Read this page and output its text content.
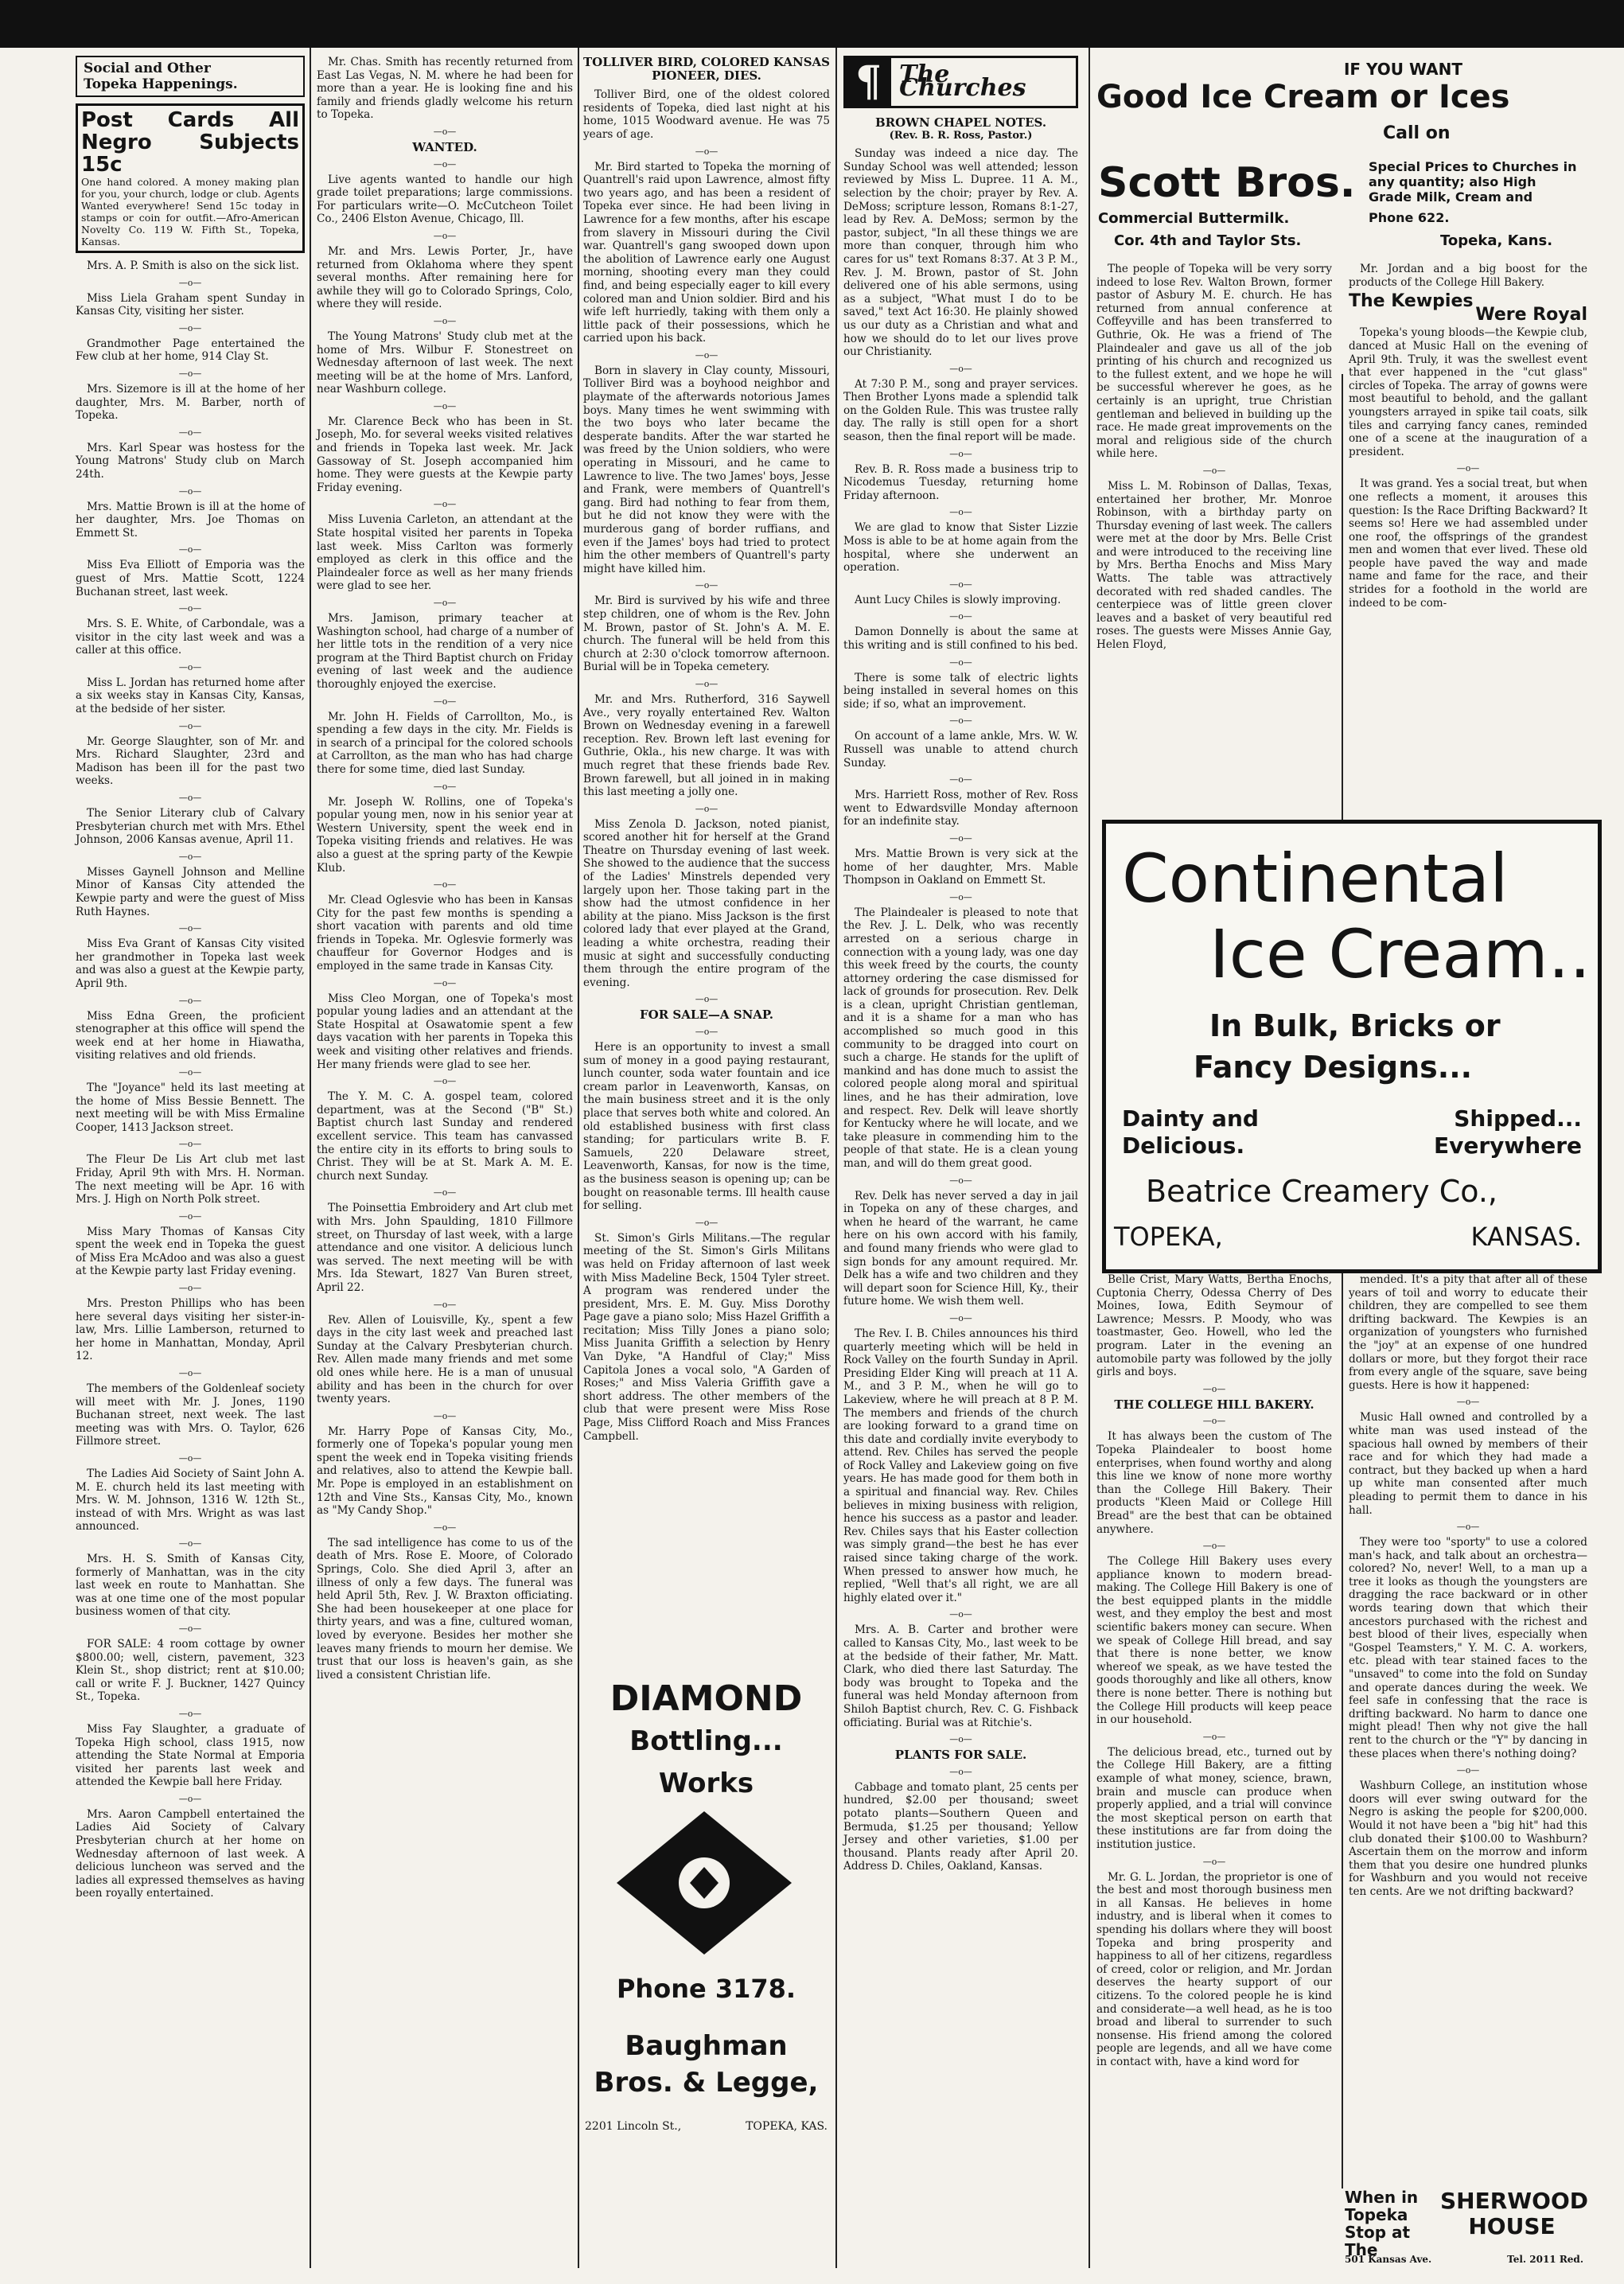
Social and Other
Topeka Happenings.
Post Cards All Negro Subjects 15c
One hand colored. A money making plan for you, your church, lodge or club. Agents Wanted everywhere! Send 15c today in stamps or coin for outfit.—Afro-American Novelty Co. 119 W. Fifth St., Topeka, Kansas.

Mrs. A. P. Smith is also on the sick list.

—o—

Miss Liela Graham spent Sunday in Kansas City, visiting her sister.

—o—

Grandmother Page entertained the Few club at her home, 914 Clay St.

—o—

Mrs. Sizemore is ill at the home of her daughter, Mrs. M. Barber, north of Topeka.

—o—

Mrs. Karl Spear was hostess for the Young Matrons' Study club on March 24th.

—o—

Mrs. Mattie Brown is ill at the home of her daughter, Mrs. Joe Thomas on Emmett St.

—o—

Miss Eva Elliott of Emporia was the guest of Mrs. Mattie Scott, 1224 Buchanan street, last week.

—o—

Mrs. S. E. White, of Carbondale, was a visitor in the city last week and was a caller at this office.

—o—

Miss L. Jordan has returned home after a six weeks stay in Kansas City, Kansas, at the bedside of her sister.

—o—

Mr. George Slaughter, son of Mr. and Mrs. Richard Slaughter, 23rd and Madison has been ill for the past two weeks.

—o—

The Senior Literary club of Calvary Presbyterian church met with Mrs. Ethel Johnson, 2006 Kansas avenue, April 11.

—o—

Misses Gaynell Johnson and Melline Minor of Kansas City attended the Kewpie party and were the guest of Miss Ruth Haynes.

—o—

Miss Eva Grant of Kansas City visited her grandmother in Topeka last week and was also a guest at the Kewpie party, April 9th.

—o—

Miss Edna Green, the proficient stenographer at this office will spend the week end at her home in Hiawatha, visiting relatives and old friends.

—o—

The "Joyance" held its last meeting at the home of Miss Bessie Bennett. The next meeting will be with Miss Ermaline Cooper, 1413 Jackson street.

—o—

The Fleur De Lis Art club met last Friday, April 9th with Mrs. H. Norman. The next meeting will be Apr. 16 with Mrs. J. High on North Polk street.

—o—

Miss Mary Thomas of Kansas City spent the week end in Topeka the guest of Miss Era McAdoo and was also a guest at the Kewpie party last Friday evening.

—o—

Mrs. Preston Phillips who has been here several days visiting her sister-in-law, Mrs. Lillie Lamberson, returned to her home in Manhattan, Monday, April 12.

—o—

The members of the Goldenleaf society will meet with Mr. J. Jones, 1190 Buchanan street, next week. The last meeting was with Mrs. O. Taylor, 626 Fillmore street.

—o—

The Ladies Aid Society of Saint John A. M. E. church held its last meeting with Mrs. W. M. Johnson, 1316 W. 12th St., instead of with Mrs. Wright as was last announced.

—o—

Mrs. H. S. Smith of Kansas City, formerly of Manhattan, was in the city last week en route to Manhattan. She was at one time one of the most popular business women of that city.

—o—

FOR SALE: 4 room cottage by owner $800.00; well, cistern, pavement, 323 Klein St., shop district; rent at $10.00; call or write F. J. Buckner, 1427 Quincy St., Topeka.

—o—

Miss Fay Slaughter, a graduate of Topeka High school, class 1915, now attending the State Normal at Emporia visited her parents last week and attended the Kewpie ball here Friday.

—o—

Mrs. Aaron Campbell entertained the Ladies Aid Society of Calvary Presbyterian church at her home on Wednesday afternoon of last week. A delicious luncheon was served and the ladies all expressed themselves as having been royally entertained.

Mr. Chas. Smith has recently returned from East Las Vegas, N. M. where he had been for more than a year. He is looking fine and his family and friends gladly welcome his return to Topeka.

—o—

WANTED.

—o—

Live agents wanted to handle our high grade toilet preparations; large commissions. For particulars write—O. McCutcheon Toilet Co., 2406 Elston Avenue, Chicago, Ill.

—o—

Mr. and Mrs. Lewis Porter, Jr., have returned from Oklahoma where they spent several months. After remaining here for awhile they will go to Colorado Springs, Colo, where they will reside.

—o—

The Young Matrons' Study club met at the home of Mrs. Wilbur F. Stonestreet on Wednesday afternoon of last week. The next meeting will be at the home of Mrs. Lanford, near Washburn college.

—o—

Mr. Clarence Beck who has been in St. Joseph, Mo. for several weeks visited relatives and friends in Topeka last week. Mr. Jack Gassoway of St. Joseph accompanied him home. They were guests at the Kewpie party Friday evening.

—o—

Miss Luvenia Carleton, an attendant at the State hospital visited her parents in Topeka last week. Miss Carlton was formerly employed as clerk in this office and the Plaindealer force as well as her many friends were glad to see her.

—o—

Mrs. Jamison, primary teacher at Washington school, had charge of a number of her little tots in the rendition of a very nice program at the Third Baptist church on Friday evening of last week and the audience thoroughly enjoyed the exercise.

—o—

Mr. John H. Fields of Carrollton, Mo., is spending a few days in the city. Mr. Fields is in search of a principal for the colored schools at Carrollton, as the man who has had charge there for some time, died last Sunday.

—o—

Mr. Joseph W. Rollins, one of Topeka's popular young men, now in his senior year at Western University, spent the week end in Topeka visiting friends and relatives. He was also a guest at the spring party of the Kewpie Klub.

—o—

Mr. Clead Oglesvie who has been in Kansas City for the past few months is spending a short vacation with parents and old time friends in Topeka. Mr. Oglesvie formerly was chauffeur for Governor Hodges and is employed in the same trade in Kansas City.

—o—

Miss Cleo Morgan, one of Topeka's most popular young ladies and an attendant at the State Hospital at Osawatomie spent a few days vacation with her parents in Topeka this week and visiting other relatives and friends. Her many friends were glad to see her.

—o—

The Y. M. C. A. gospel team, colored department, was at the Second ("B" St.) Baptist church last Sunday and rendered excellent service. This team has canvassed the entire city in its efforts to bring souls to Christ. They will be at St. Mark A. M. E. church next Sunday.

—o—

The Poinsettia Embroidery and Art club met with Mrs. John Spaulding, 1810 Fillmore street, on Thursday of last week, with a large attendance and one visitor. A delicious lunch was served. The next meeting will be with Mrs. Ida Stewart, 1827 Van Buren street, April 22.

—o—

Rev. Allen of Louisville, Ky., spent a few days in the city last week and preached last Sunday at the Calvary Presbyterian church. Rev. Allen made many friends and met some old ones while here. He is a man of unusual ability and has been in the church for over twenty years.

—o—

Mr. Harry Pope of Kansas City, Mo., formerly one of Topeka's popular young men spent the week end in Topeka visiting friends and relatives, also to attend the Kewpie ball. Mr. Pope is employed in an establishment on 12th and Vine Sts., Kansas City, Mo., known as "My Candy Shop."

—o—

The sad intelligence has come to us of the death of Mrs. Rose E. Moore, of Colorado Springs, Colo. She died April 3, after an illness of only a few days. The funeral was held April 5th, Rev. J. W. Braxton officiating. She had been housekeeper at one place for thirty years, and was a fine, cultured woman, loved by everyone. Besides her mother she leaves many friends to mourn her demise. We trust that our loss is heaven's gain, as she lived a consistent Christian life.

TOLLIVER BIRD, COLORED KANSAS PIONEER, DIES.

Tolliver Bird, one of the oldest colored residents of Topeka, died last night at his home, 1015 Woodward avenue. He was 75 years of age.

—o—

Mr. Bird started to Topeka the morning of Quantrell's raid upon Lawrence, almost fifty two years ago, and has been a resident of Topeka ever since. He had been living in Lawrence for a few months, after his escape from slavery in Missouri during the Civil war. Quantrell's gang swooped down upon the abolition of Lawrence early one August morning, shooting every man they could find, and being especially eager to kill every colored man and Union soldier. Bird and his wife left hurriedly, taking with them only a little pack of their possessions, which he carried upon his back.

—o—

Born in slavery in Clay county, Missouri, Tolliver Bird was a boyhood neighbor and playmate of the afterwards notorious James boys. Many times he went swimming with the two boys who later became the desperate bandits. After the war started he was freed by the Union soldiers, who were operating in Missouri, and he came to Lawrence to live. The two James' boys, Jesse and Frank, were members of Quantrell's gang. Bird had nothing to fear from them, but he did not know they were with the murderous gang of border ruffians, and even if the James' boys had tried to protect him the other members of Quantrell's party might have killed him.

—o—

Mr. Bird is survived by his wife and three step children, one of whom is the Rev. John M. Brown, pastor of St. John's A. M. E. church. The funeral will be held from this church at 2:30 o'clock tomorrow afternoon. Burial will be in Topeka cemetery.

—o—

Mr. and Mrs. Rutherford, 316 Saywell Ave., very royally entertained Rev. Walton Brown on Wednesday evening in a farewell reception. Rev. Brown left last evening for Guthrie, Okla., his new charge. It was with much regret that these friends bade Rev. Brown farewell, but all joined in in making this last meeting a jolly one.

—o—

Miss Zenola D. Jackson, noted pianist, scored another hit for herself at the Grand Theatre on Thursday evening of last week. She showed to the audience that the success of the Ladies' Minstrels depended very largely upon her. Those taking part in the show had the utmost confidence in her ability at the piano. Miss Jackson is the first colored lady that ever played at the Grand, leading a white orchestra, reading their music at sight and successfully conducting them through the entire program of the evening.

—o—

FOR SALE—A SNAP.

—o—

Here is an opportunity to invest a small sum of money in a good paying restaurant, lunch counter, soda water fountain and ice cream parlor in Leavenworth, Kansas, on the main business street and it is the only place that serves both white and colored. An old established business with first class standing; for particulars write B. F. Samuels, 220 Delaware street, Leavenworth, Kansas, for now is the time, as the business season is opening up; can be bought on reasonable terms. Ill health cause for selling.

—o—

St. Simon's Girls Militans.—The regular meeting of the St. Simon's Girls Militans was held on Friday afternoon of last week with Miss Madeline Beck, 1504 Tyler street. A program was rendered under the president, Mrs. E. M. Guy. Miss Dorothy Page gave a piano solo; Miss Hazel Griffith a recitation; Miss Tilly Jones a piano solo; Miss Juanita Griffith a selection by Henry Van Dyke, "A Handful of Clay;" Miss Capitola Jones a vocal solo, "A Garden of Roses;" and Miss Valeria Griffith gave a short address. The other members of the club that were present were Miss Rose Page, Miss Clifford Roach and Miss Frances Campbell.

DIAMOND Bottling... Works
Phone 3178.
Baughman Bros. & Legge,
2201 Lincoln St.,	TOPEKA, KAS.
¶ The Churches
BROWN CHAPEL NOTES.
(Rev. B. R. Ross, Pastor.)

Sunday was indeed a nice day. The Sunday School was well attended; lesson reviewed by Miss L. Dupree. 11 A. M., selection by the choir; prayer by Rev. A. DeMoss; scripture lesson, Romans 8:1-27, lead by Rev. A. DeMoss; sermon by the pastor, subject, "In all these things we are more than conquer, through him who cares for us" text Romans 8:37. At 3 P. M., Rev. J. M. Brown, pastor of St. John delivered one of his able sermons, using as a subject, "What must I do to be saved," text Act 16:30. He plainly showed us our duty as a Christian and what and how we should do to let our lives prove our Christianity.

—o—

At 7:30 P. M., song and prayer services. Then Brother Lyons made a splendid talk on the Golden Rule. This was trustee rally day. The rally is still open for a short season, then the final report will be made.

—o—

Rev. B. R. Ross made a business trip to Nicodemus Tuesday, returning home Friday afternoon.

—o—

We are glad to know that Sister Lizzie Moss is able to be at home again from the hospital, where she underwent an operation.

—o—

Aunt Lucy Chiles is slowly improving.

—o—

Damon Donnelly is about the same at this writing and is still confined to his bed.

—o—

There is some talk of electric lights being installed in several homes on this side; if so, what an improvement.

—o—

On account of a lame ankle, Mrs. W. W. Russell was unable to attend church Sunday.

—o—

Mrs. Harriett Ross, mother of Rev. Ross went to Edwardsville Monday afternoon for an indefinite stay.

—o—

Mrs. Mattie Brown is very sick at the home of her daughter, Mrs. Mable Thompson in Oakland on Emmett St.

—o—

The Plaindealer is pleased to note that the Rev. J. L. Delk, who was recently arrested on a serious charge in connection with a young lady, was one day this week freed by the courts, the county attorney ordering the case dismissed for lack of grounds for prosecution. Rev. Delk is a clean, upright Christian gentleman, and it is a shame for a man who has accomplished so much good in this community to be dragged into court on such a charge. He stands for the uplift of mankind and has done much to assist the colored people along moral and spiritual lines, and he has their admiration, love and respect. Rev. Delk will leave shortly for Kentucky where he will locate, and we take pleasure in commending him to the people of that state. He is a clean young man, and will do them great good.

—o—

Rev. Delk has never served a day in jail in Topeka on any of these charges, and when he heard of the warrant, he came here on his own accord with his family, and found many friends who were glad to sign bonds for any amount required. Mr. Delk has a wife and two children and they will depart soon for Science Hill, Ky., their future home. We wish them well.

—o—

The Rev. I. B. Chiles announces his third quarterly meeting which will be held in Rock Valley on the fourth Sunday in April. Presiding Elder King will preach at 11 A. M., and 3 P. M., when he will go to Lakeview, where he will preach at 8 P. M. The members and friends of the church are looking forward to a grand time on this date and cordially invite everybody to attend. Rev. Chiles has served the people of Rock Valley and Lakeview going on five years. He has made good for them both in a spiritual and financial way. Rev. Chiles believes in mixing business with religion, hence his success as a pastor and leader. Rev. Chiles says that his Easter collection was simply grand—the best he has ever raised since taking charge of the work. When pressed to answer how much, he replied, "Well that's all right, we are all highly elated over it."

—o—

Mrs. A. B. Carter and brother were called to Kansas City, Mo., last week to be at the bedside of their father, Mr. Matt. Clark, who died there last Saturday. The body was brought to Topeka and the funeral was held Monday afternoon from Shiloh Baptist church, Rev. C. G. Fishback officiating. Burial was at Ritchie's.

—o—

PLANTS FOR SALE.

—o—

Cabbage and tomato plant, 25 cents per hundred, $2.00 per thousand; sweet potato plants—Southern Queen and Bermuda, $1.25 per thousand; Yellow Jersey and other varieties, $1.00 per thousand. Plants ready after April 20. Address D. Chiles, Oakland, Kansas.

IF YOU WANT
Good Ice Cream or Ices
Call on
Scott Bros. Special Prices to Churches in any quantity; also High Grade Milk, Cream and
Commercial Buttermilk.	Phone 622.
Cor. 4th and Taylor Sts.	Topeka, Kans.

The people of Topeka will be very sorry indeed to lose Rev. Walton Brown, former pastor of Asbury M. E. church. He has returned from annual conference at Coffeyville and has been transferred to Guthrie, Ok. He was a friend of The Plaindealer and gave us all of the job printing of his church and recognized us to the fullest extent, and we hope he will be successful wherever he goes, as he certainly is an upright, true Christian gentleman and believed in building up the race. He made great improvements on the moral and religious side of the church while here.

—o—

Miss L. M. Robinson of Dallas, Texas, entertained her brother, Mr. Monroe Robinson, with a birthday party on Thursday evening of last week. The callers were met at the door by Mrs. Belle Crist and were introduced to the receiving line by Mrs. Bertha Enochs and Miss Mary Watts. The table was attractively decorated with red shaded candles. The centerpiece was of little green clover leaves and a basket of very beautiful red roses. The guests were Misses Annie Gay, Helen Floyd,

Mr. Jordan and a big boost for the products of the College Hill Bakery.

The Kewpies
Were Royal

Topeka's young bloods—the Kewpie club, danced at Music Hall on the evening of April 9th. Truly, it was the swellest event that ever happened in the "cut glass" circles of Topeka. The array of gowns were most beautiful to behold, and the gallant youngsters arrayed in spike tail coats, silk tiles and carrying fancy canes, reminded one of a scene at the inauguration of a president.

—o—

It was grand. Yes a social treat, but when one reflects a moment, it arouses this question: Is the Race Drifting Backward? It seems so! Here we had assembled under one roof, the offsprings of the grandest men and women that ever lived. These old people have paved the way and made name and fame for the race, and their strides for a foothold in the world are indeed to be com-

Continental
Ice Cream..
In Bulk, Bricks or
Fancy Designs...
Dainty and Delicious.
Shipped... Everywhere
Beatrice Creamery Co.,
TOPEKA,	KANSAS.

Belle Crist, Mary Watts, Bertha Enochs, Cuptonia Cherry, Odessa Cherry of Des Moines, Iowa, Edith Seymour of Lawrence; Messrs. P. Moody, who was toastmaster, Geo. Howell, who led the program. Later in the evening an automobile party was followed by the jolly girls and boys.

—o—

THE COLLEGE HILL BAKERY.

—o—

It has always been the custom of The Topeka Plaindealer to boost home enterprises, when found worthy and along this line we know of none more worthy than the College Hill Bakery. Their products "Kleen Maid or College Hill Bread" are the best that can be obtained anywhere.

—o—

The College Hill Bakery uses every appliance known to modern bread-making. The College Hill Bakery is one of the best equipped plants in the middle west, and they employ the best and most scientific bakers money can secure. When we speak of College Hill bread, and say that there is none better, we know whereof we speak, as we have tested the goods thoroughly and like all others, know there is none better. There is nothing but the College Hill products will keep peace in our household.

—o—

The delicious bread, etc., turned out by the College Hill Bakery, are a fitting example of what money, science, brawn, brain and muscle can produce when properly applied, and a trial will convince the most skeptical person on earth that these institutions are far from doing the institution justice.

—o—

Mr. G. L. Jordan, the proprietor is one of the best and most thorough business men in all Kansas. He believes in home industry, and is liberal when it comes to spending his dollars where they will boost Topeka and bring prosperity and happiness to all of her citizens, regardless of creed, color or religion, and Mr. Jordan deserves the hearty support of our citizens. To the colored people he is kind and considerate—a well head, as he is too broad and liberal to surrender to such nonsense. His friend among the colored people are legends, and all we have come in contact with, have a kind word for

mended. It's a pity that after all of these years of toil and worry to educate their children, they are compelled to see them drifting backward. The Kewpies is an organization of youngsters who furnished the "joy" at an expense of one hundred dollars or more, but they forgot their race from every angle of the square, save being guests. Here is how it happened:

—o—

Music Hall owned and controlled by a white man was used instead of the spacious hall owned by members of their race and for which they had made a contract, but they backed up when a hard up white man consented after much pleading to permit them to dance in his hall.

—o—

They were too "sporty" to use a colored man's hack, and talk about an orchestra—colored? No, never! Well, to a man up a tree it looks as though the youngsters are dragging the race backward or in other words tearing down that which their ancestors purchased with the richest and best blood of their lives, especially when "Gospel Teamsters," Y. M. C. A. workers, etc. plead with tear stained faces to the "unsaved" to come into the fold on Sunday and operate dances during the week. We feel safe in confessing that the race is drifting backward. No harm to dance one might plead! Then why not give the hall rent to the church or the "Y" by dancing in these places when there's nothing doing?

—o—

Washburn College, an institution whose doors will ever swing outward for the Negro is asking the people for $200,000. Would it not have been a "big hit" had this club donated their $100.00 to Washburn? Ascertain them on the morrow and inform them that you desire one hundred plunks for Washburn and you would not receive ten cents. Are we not drifting backward?

When in Topeka Stop at The
SHERWOOD HOUSE
501 Kansas Ave.	Tel. 2011 Red.
